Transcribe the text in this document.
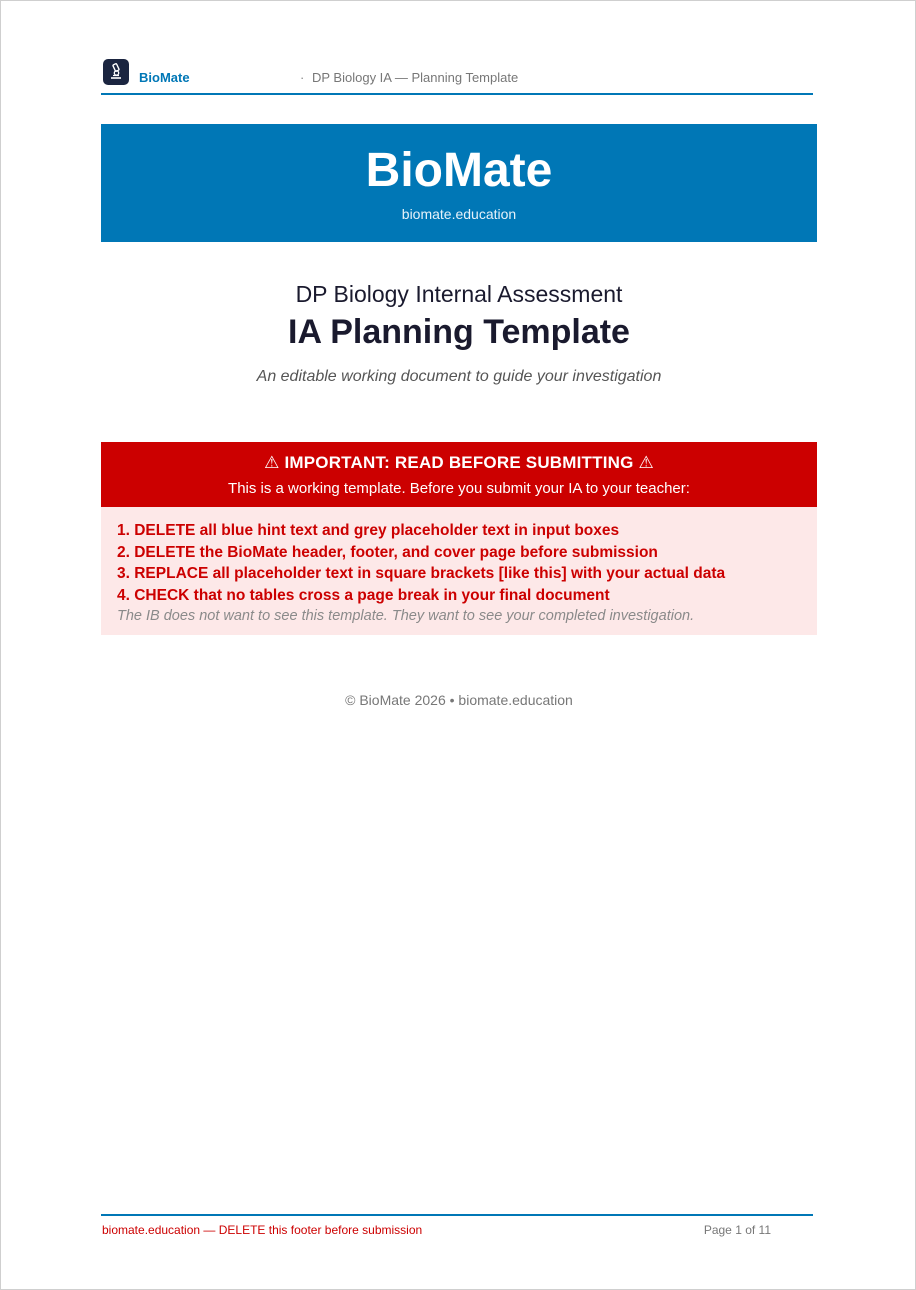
BioMate	· DP Biology IA — Planning Template
BioMate
biomate.education
DP Biology Internal Assessment
IA Planning Template
An editable working document to guide your investigation
⚠ IMPORTANT: READ BEFORE SUBMITTING ⚠
This is a working template. Before you submit your IA to your teacher:
1. DELETE all blue hint text and grey placeholder text in input boxes
2. DELETE the BioMate header, footer, and cover page before submission
3. REPLACE all placeholder text in square brackets [like this] with your actual data
4. CHECK that no tables cross a page break in your final document
The IB does not want to see this template. They want to see your completed investigation.
© BioMate 2026 • biomate.education
biomate.education — DELETE this footer before submission	Page 1 of 11
